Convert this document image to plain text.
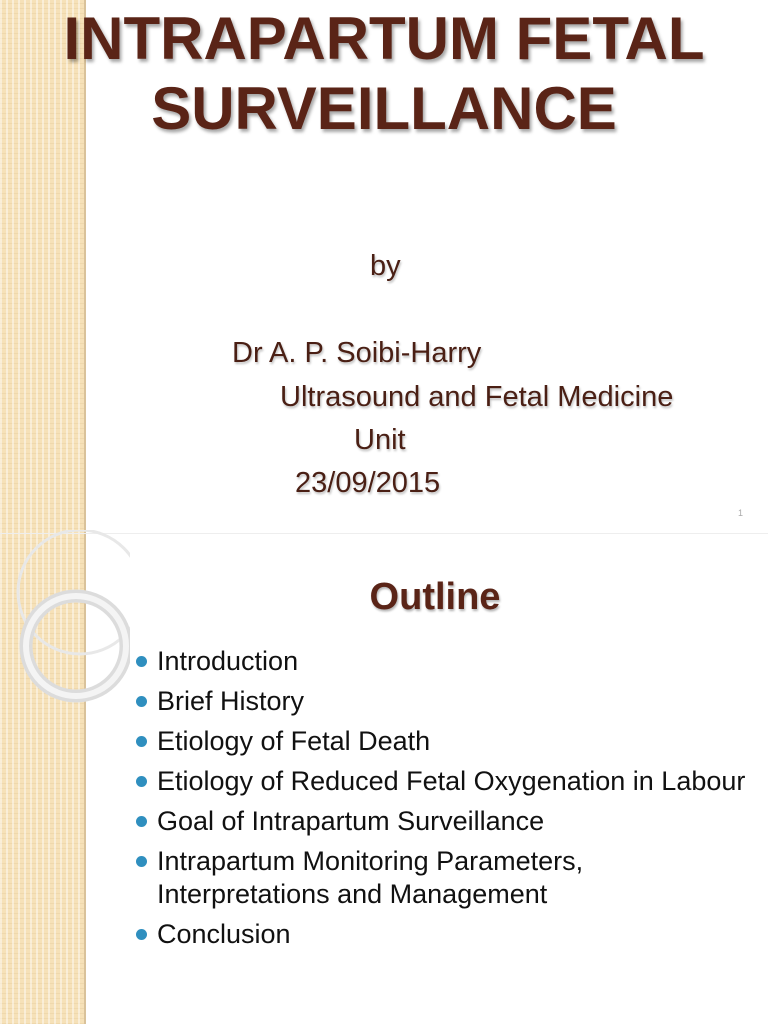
INTRAPARTUM FETAL SURVEILLANCE
by
Dr A. P. Soibi-Harry
Ultrasound and Fetal Medicine
Unit
23/09/2015
1
Outline
Introduction
Brief History
Etiology of Fetal Death
Etiology of Reduced Fetal Oxygenation in Labour
Goal of Intrapartum Surveillance
Intrapartum Monitoring Parameters, Interpretations and Management
Conclusion
